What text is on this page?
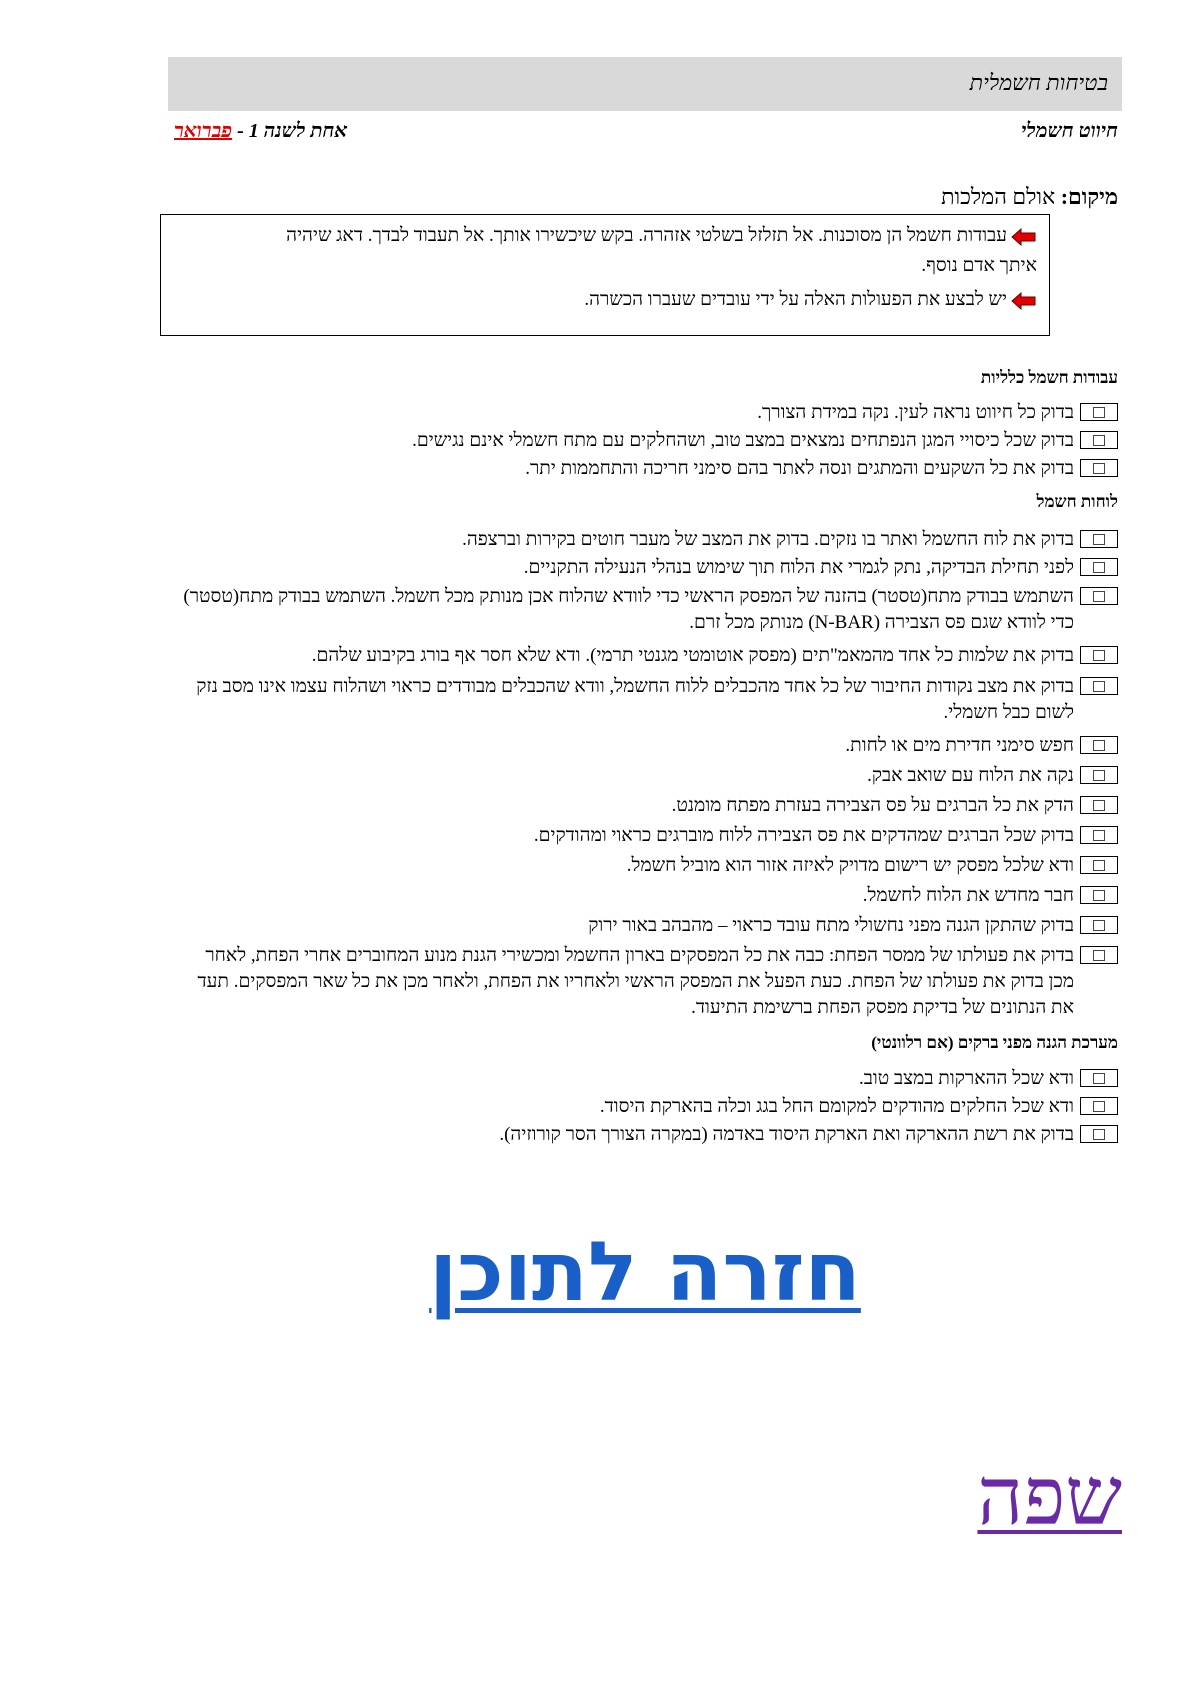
בטיחות חשמלית
חיווט חשמלי
אחת לשנה 1 - פברואר
מיקום: אולם המלכות
עבודות חשמל הן מסוכנות. אל תזלזל בשלטי אזהרה. בקש שיכשירו אותך. אל תעבוד לבדך. דאג שיהיה
איתך אדם נוסף.
יש לבצע את הפעולות האלה על ידי עובדים שעברו הכשרה.
עבודות חשמל כלליות
בדוק כל חיווט נראה לעין. נקה במידת הצורך.
בדוק שכל כיסויי המגן הנפתחים נמצאים במצב טוב, ושהחלקים עם מתח חשמלי אינם נגישים.
בדוק את כל השקעים והמתגים ונסה לאתר בהם סימני חריכה והתחממות יתר.
לוחות חשמל
בדוק את לוח החשמל ואתר בו נזקים. בדוק את המצב של מעבר חוטים בקירות וברצפה.
לפני תחילת הבדיקה, נתק לגמרי את הלוח תוך שימוש בנהלי הנעילה התקניים.
השתמש בבודק מתח(טסטר) בהזנה של המפסק הראשי כדי לוודא שהלוח אכן מנותק מכל חשמל. השתמש בבודק מתח(טסטר) כדי לוודא שגם פס הצבירה (N-BAR) מנותק מכל זרם.
בדוק את שלמות כל אחד מהמאמ"תים (מפסק אוטומטי מגנטי תרמי). ודא שלא חסר אף בורג בקיבוע שלהם.
בדוק את מצב נקודות החיבור של כל אחד מהכבלים ללוח החשמל, וודא שהכבלים מבודדים כראוי ושהלוח עצמו אינו מסב נזק לשום כבל חשמלי.
חפש סימני חדירת מים או לחות.
נקה את הלוח עם שואב אבק.
הדק את כל הברגים על פס הצבירה בעזרת מפתח מומנט.
בדוק שכל הברגים שמהדקים את פס הצבירה ללוח מוברגים כראוי ומהודקים.
ודא שלכל מפסק יש רישום מדויק לאיזה אזור הוא מוביל חשמל.
חבר מחדש את הלוח לחשמל.
בדוק שהתקן הגנה מפני נחשולי מתח עובד כראוי – מהבהב באור ירוק
בדוק את פעולתו של ממסר הפחת: כבה את כל המפסקים בארון החשמל ומכשירי הגנת מנוע המחוברים אחרי הפחת, לאחר מכן בדוק את פעולתו של הפחת. כעת הפעל את המפסק הראשי ולאחריו את הפחת, ולאחר מכן את כל שאר המפסקים. תעד את הנתונים של בדיקת מפסק הפחת ברשימת התיעוד.
מערכת הגנה מפני ברקים (אם רלוונטי)
ודא שכל ההארקות במצב טוב.
ודא שכל החלקים מהודקים למקומם החל בגג וכלה בהארקת היסוד.
בדוק את רשת ההארקה ואת הארקת היסוד באדמה (במקרה הצורך הסר קורוזיה).
חזרה לתוכן
שפה
